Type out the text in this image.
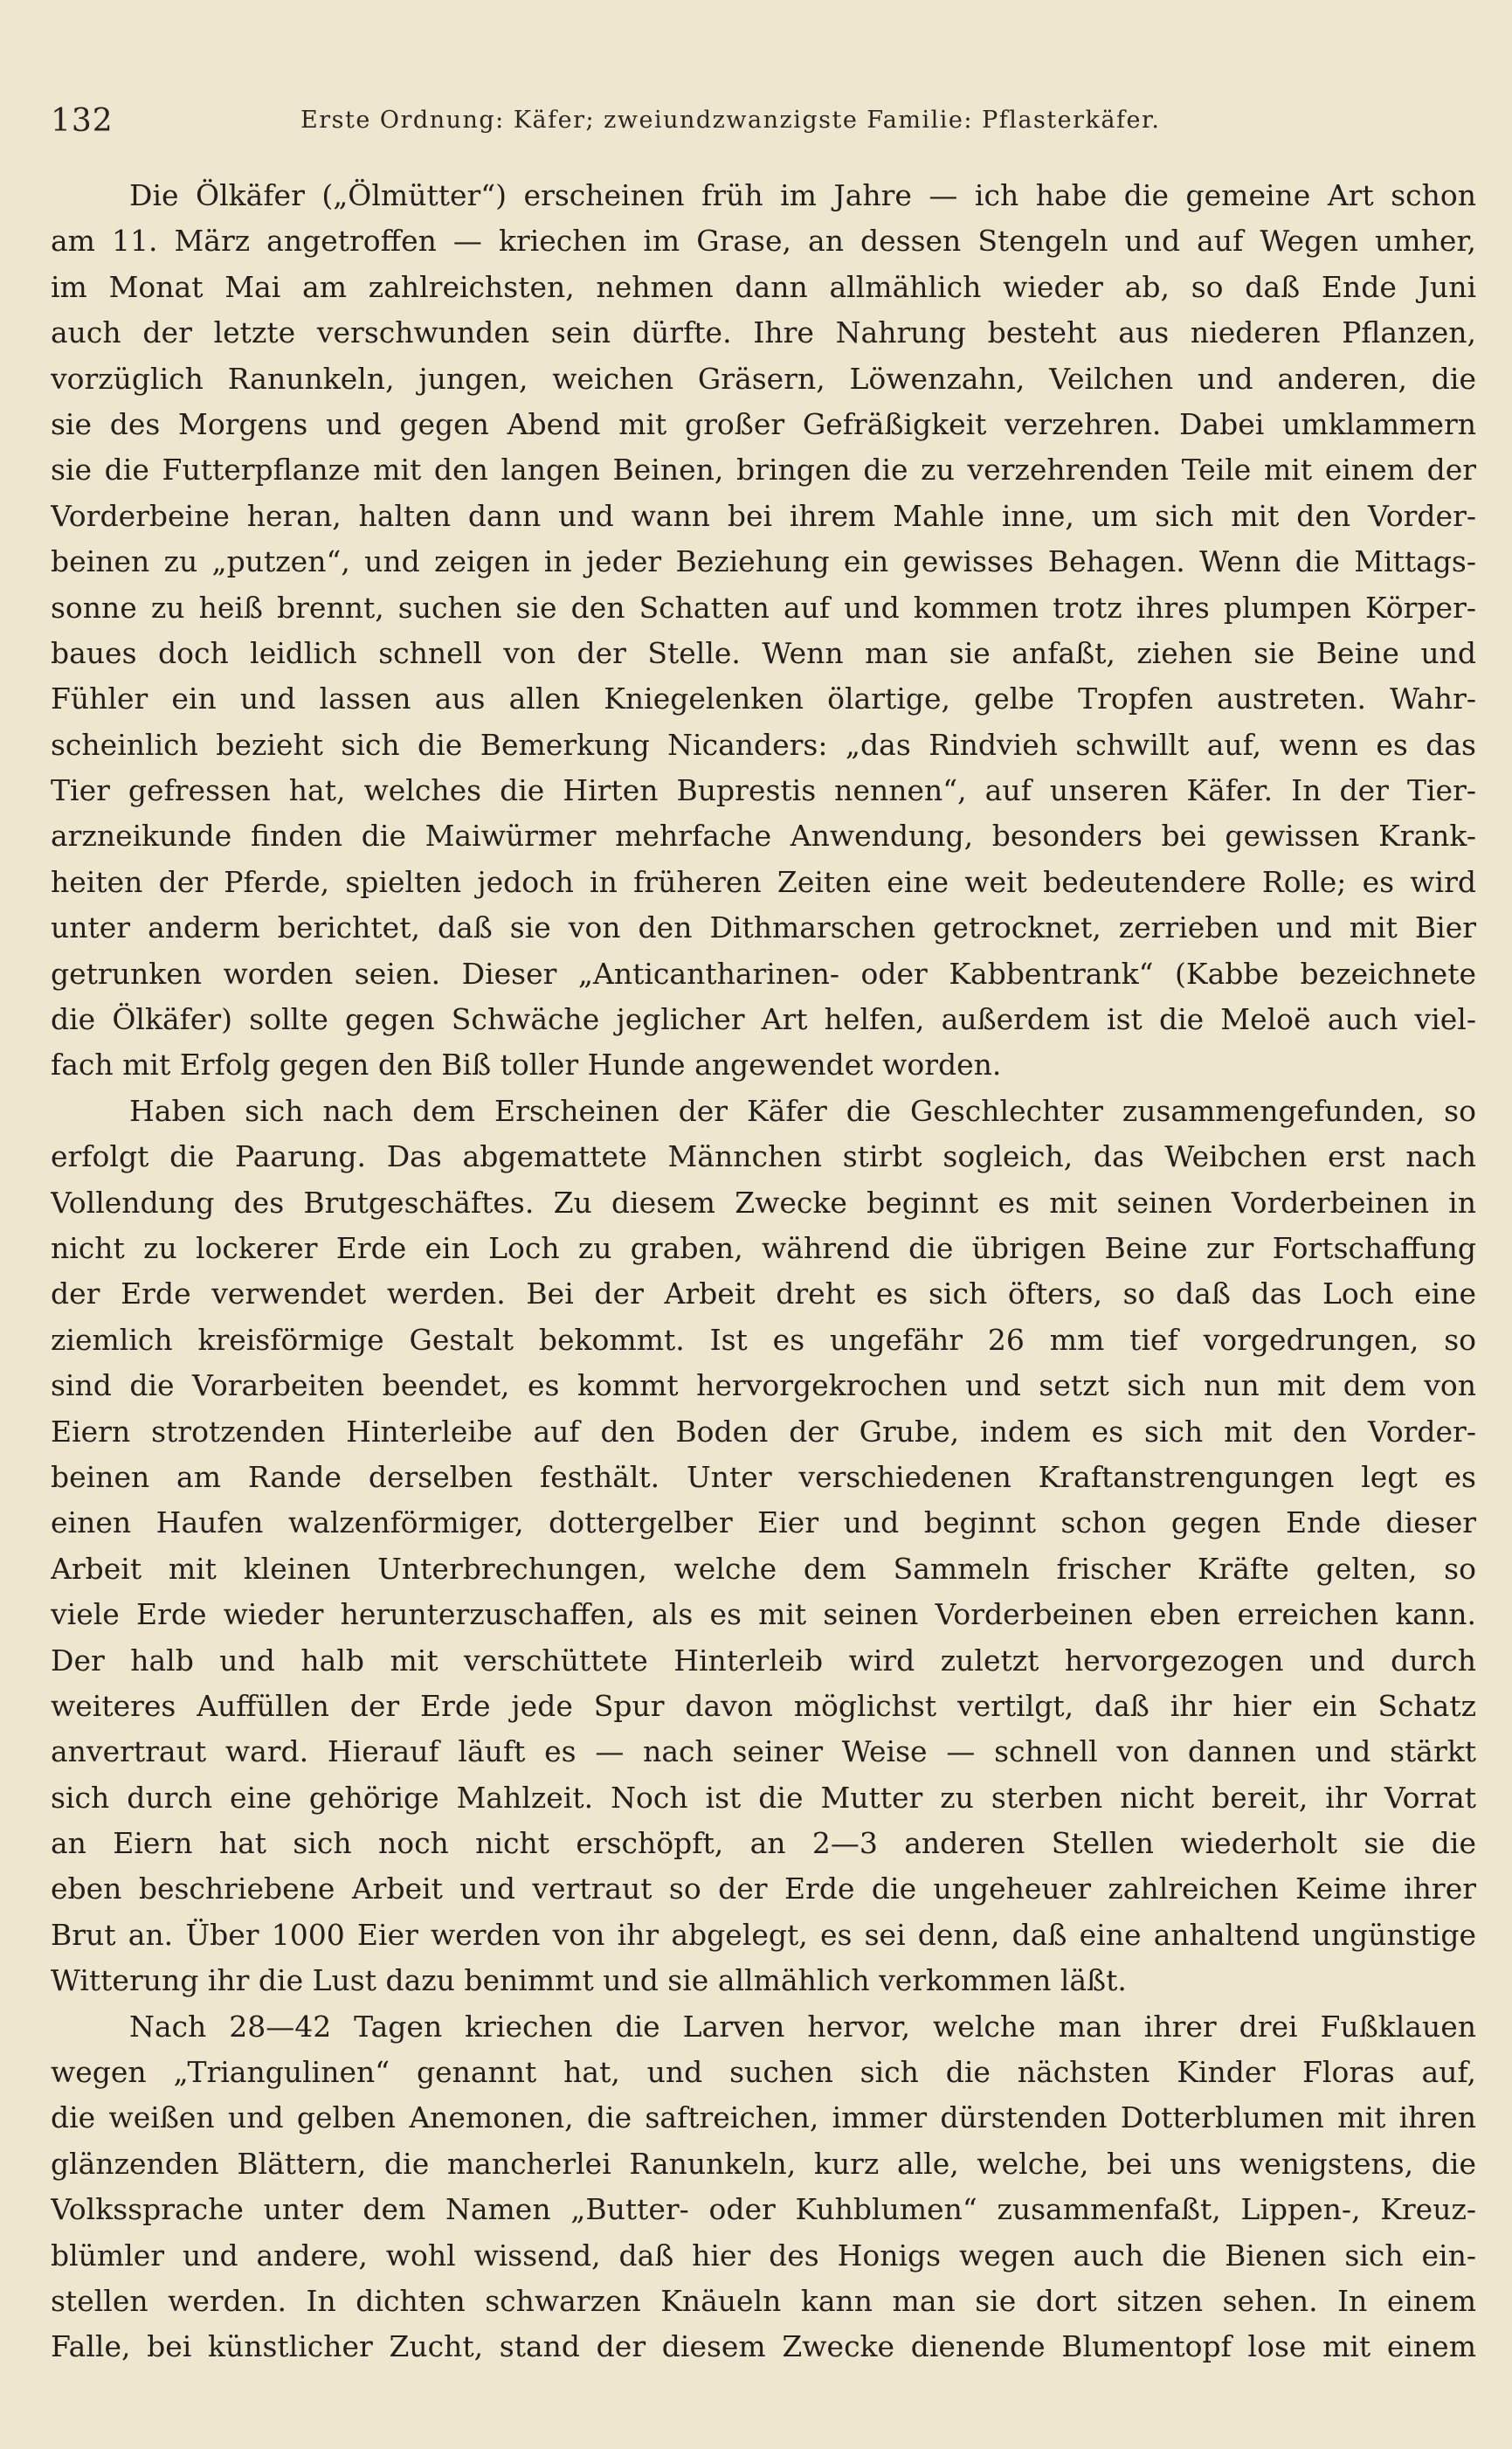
132	Erste Ordnung: Käfer; zweiundzwanzigste Familie: Pflasterkäfer.
Die Ölkäfer („Ölmütter“) erscheinen früh im Jahre — ich habe die gemeine Art schon
am 11. März angetroffen — kriechen im Grase, an dessen Stengeln und auf Wegen umher,
im Monat Mai am zahlreichsten, nehmen dann allmählich wieder ab, so daß Ende Juni
auch der letzte verschwunden sein dürfte. Ihre Nahrung besteht aus niederen Pflanzen,
vorzüglich Ranunkeln, jungen, weichen Gräsern, Löwenzahn, Veilchen und anderen, die
sie des Morgens und gegen Abend mit großer Gefräßigkeit verzehren. Dabei umklammern
sie die Futterpflanze mit den langen Beinen, bringen die zu verzehrenden Teile mit einem der
Vorderbeine heran, halten dann und wann bei ihrem Mahle inne, um sich mit den Vorder-
beinen zu „putzen“, und zeigen in jeder Beziehung ein gewisses Behagen. Wenn die Mittags-
sonne zu heiß brennt, suchen sie den Schatten auf und kommen trotz ihres plumpen Körper-
baues doch leidlich schnell von der Stelle. Wenn man sie anfaßt, ziehen sie Beine und
Fühler ein und lassen aus allen Kniegelenken ölartige, gelbe Tropfen austreten. Wahr-
scheinlich bezieht sich die Bemerkung Nicanders: „das Rindvieh schwillt auf, wenn es das
Tier gefressen hat, welches die Hirten Buprestis nennen“, auf unseren Käfer. In der Tier-
arzneikunde finden die Maiwürmer mehrfache Anwendung, besonders bei gewissen Krank-
heiten der Pferde, spielten jedoch in früheren Zeiten eine weit bedeutendere Rolle; es wird
unter anderm berichtet, daß sie von den Dithmarschen getrocknet, zerrieben und mit Bier
getrunken worden seien. Dieser „Anticantharinen- oder Kabbentrank“ (Kabbe bezeichnete
die Ölkäfer) sollte gegen Schwäche jeglicher Art helfen, außerdem ist die Meloë auch viel-
fach mit Erfolg gegen den Biß toller Hunde angewendet worden.
Haben sich nach dem Erscheinen der Käfer die Geschlechter zusammengefunden, so
erfolgt die Paarung. Das abgemattete Männchen stirbt sogleich, das Weibchen erst nach
Vollendung des Brutgeschäftes. Zu diesem Zwecke beginnt es mit seinen Vorderbeinen in
nicht zu lockerer Erde ein Loch zu graben, während die übrigen Beine zur Fortschaffung
der Erde verwendet werden. Bei der Arbeit dreht es sich öfters, so daß das Loch eine
ziemlich kreisförmige Gestalt bekommt. Ist es ungefähr 26 mm tief vorgedrungen, so
sind die Vorarbeiten beendet, es kommt hervorgekrochen und setzt sich nun mit dem von
Eiern strotzenden Hinterleibe auf den Boden der Grube, indem es sich mit den Vorder-
beinen am Rande derselben festhält. Unter verschiedenen Kraftanstrengungen legt es
einen Haufen walzenförmiger, dottergelber Eier und beginnt schon gegen Ende dieser
Arbeit mit kleinen Unterbrechungen, welche dem Sammeln frischer Kräfte gelten, so
viele Erde wieder herunterzuschaffen, als es mit seinen Vorderbeinen eben erreichen kann.
Der halb und halb mit verschüttete Hinterleib wird zuletzt hervorgezogen und durch
weiteres Auffüllen der Erde jede Spur davon möglichst vertilgt, daß ihr hier ein Schatz
anvertraut ward. Hierauf läuft es — nach seiner Weise — schnell von dannen und stärkt
sich durch eine gehörige Mahlzeit. Noch ist die Mutter zu sterben nicht bereit, ihr Vorrat
an Eiern hat sich noch nicht erschöpft, an 2—3 anderen Stellen wiederholt sie die
eben beschriebene Arbeit und vertraut so der Erde die ungeheuer zahlreichen Keime ihrer
Brut an. Über 1000 Eier werden von ihr abgelegt, es sei denn, daß eine anhaltend ungünstige
Witterung ihr die Lust dazu benimmt und sie allmählich verkommen läßt.
Nach 28—42 Tagen kriechen die Larven hervor, welche man ihrer drei Fußklauen
wegen „Triangulinen“ genannt hat, und suchen sich die nächsten Kinder Floras auf,
die weißen und gelben Anemonen, die saftreichen, immer dürstenden Dotterblumen mit ihren
glänzenden Blättern, die mancherlei Ranunkeln, kurz alle, welche, bei uns wenigstens, die
Volkssprache unter dem Namen „Butter- oder Kuhblumen“ zusammenfaßt, Lippen-, Kreuz-
blümler und andere, wohl wissend, daß hier des Honigs wegen auch die Bienen sich ein-
stellen werden. In dichten schwarzen Knäueln kann man sie dort sitzen sehen. In einem
Falle, bei künstlicher Zucht, stand der diesem Zwecke dienende Blumentopf lose mit einem
